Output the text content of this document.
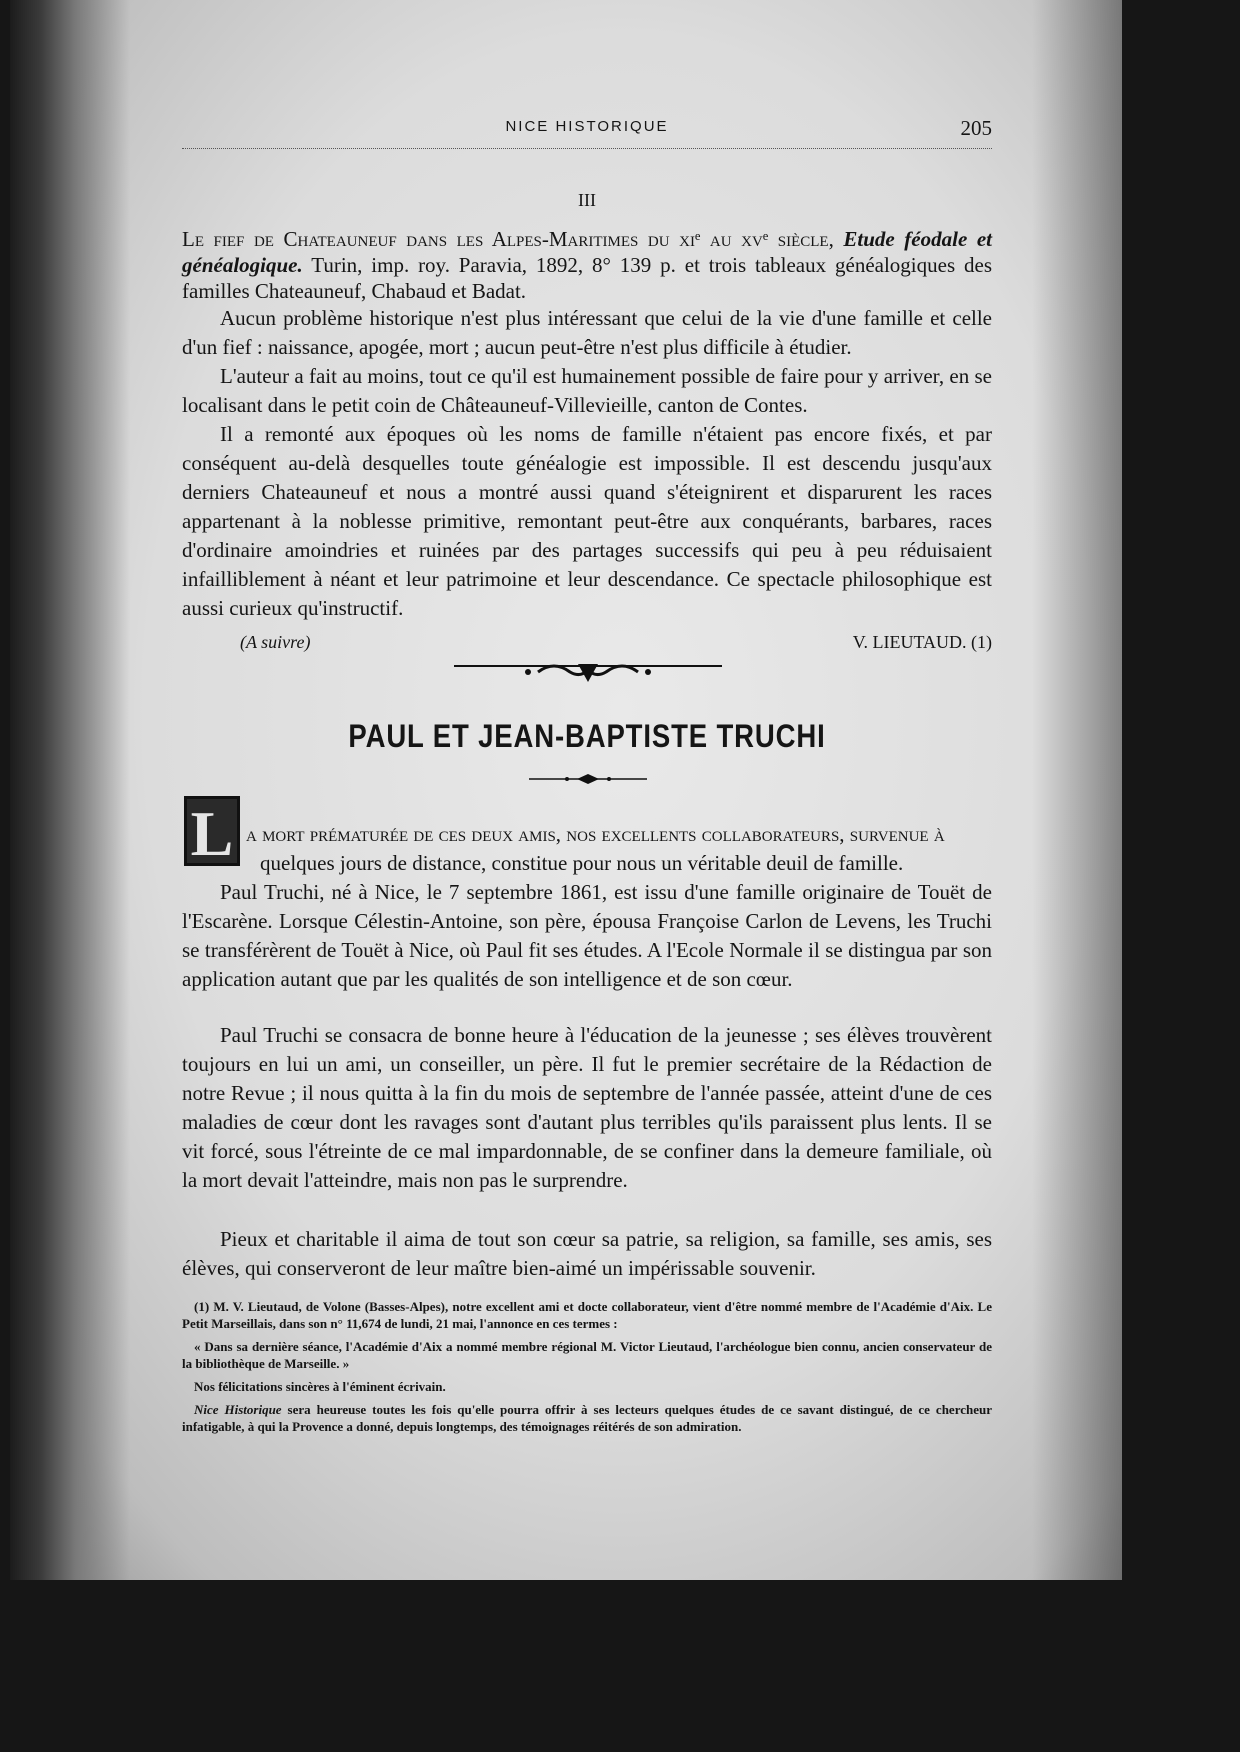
NICE HISTORIQUE	205
III
Le fief de Chateauneuf dans les Alpes-Maritimes du xiᵉ au xvᵉ siècle, Etude féodale et généalogique. Turin, imp. roy. Paravia, 1892, 8° 139 p. et trois tableaux généalogiques des familles Chateauneuf, Chabaud et Badat.

Aucun problème historique n'est plus intéressant que celui de la vie d'une famille et celle d'un fief : naissance, apogée, mort ; aucun peut-être n'est plus difficile à étudier.

L'auteur a fait au moins, tout ce qu'il est humainement possible de faire pour y arriver, en se localisant dans le petit coin de Châteauneuf-Villevieille, canton de Contes.

Il a remonté aux époques où les noms de famille n'étaient pas encore fixés, et par conséquent au-delà desquelles toute généalogie est impossible. Il est descendu jusqu'aux derniers Chateauneuf et nous a montré aussi quand s'éteignirent et disparurent les races appartenant à la noblesse primitive, remontant peut-être aux conquérants, barbares, races d'ordinaire amoindries et ruinées par des partages successifs qui peu à peu réduisaient infailliblement à néant et leur patrimoine et leur descendance. Ce spectacle philosophique est aussi curieux qu'instructif.

(A suivre)	V. LIEUTAUD. (1)
PAUL ET JEAN-BAPTISTE TRUCHI
L a mort prématurée de ces deux amis, nos excellents collaborateurs, survenue à
quelques jours de distance, constitue pour nous un véritable deuil de famille.

Paul Truchi, né à Nice, le 7 septembre 1861, est issu d'une famille originaire de Touët de l'Escarène. Lorsque Célestin-Antoine, son père, épousa Françoise Carlon de Levens, les Truchi se transférèrent de Touët à Nice, où Paul fit ses études. A l'Ecole Normale il se distingua par son application autant que par les qualités de son intelligence et de son cœur.

Paul Truchi se consacra de bonne heure à l'éducation de la jeunesse ; ses élèves trouvèrent toujours en lui un ami, un conseiller, un père. Il fut le premier secrétaire de la Rédaction de notre Revue ; il nous quitta à la fin du mois de septembre de l'année passée, atteint d'une de ces maladies de cœur dont les ravages sont d'autant plus terribles qu'ils paraissent plus lents. Il se vit forcé, sous l'étreinte de ce mal impardonnable, de se confiner dans la demeure familiale, où la mort devait l'atteindre, mais non pas le surprendre.

Pieux et charitable il aima de tout son cœur sa patrie, sa religion, sa famille, ses amis, ses élèves, qui conserveront de leur maître bien-aimé un impérissable souvenir.

(1) M. V. Lieutaud, de Volone (Basses-Alpes), notre excellent ami et docte collaborateur, vient d'être nommé membre de l'Académie d'Aix. Le Petit Marseillais, dans son n° 11,674 de lundi, 21 mai, l'annonce en ces termes :

« Dans sa dernière séance, l'Académie d'Aix a nommé membre régional M. Victor Lieutaud, l'archéologue bien connu, ancien conservateur de la bibliothèque de Marseille. »

Nos félicitations sincères à l'éminent écrivain.

Nice Historique sera heureuse toutes les fois qu'elle pourra offrir à ses lecteurs quelques études de ce savant distingué, de ce chercheur infatigable, à qui la Provence a donné, depuis longtemps, des témoignages réitérés de son admiration.
